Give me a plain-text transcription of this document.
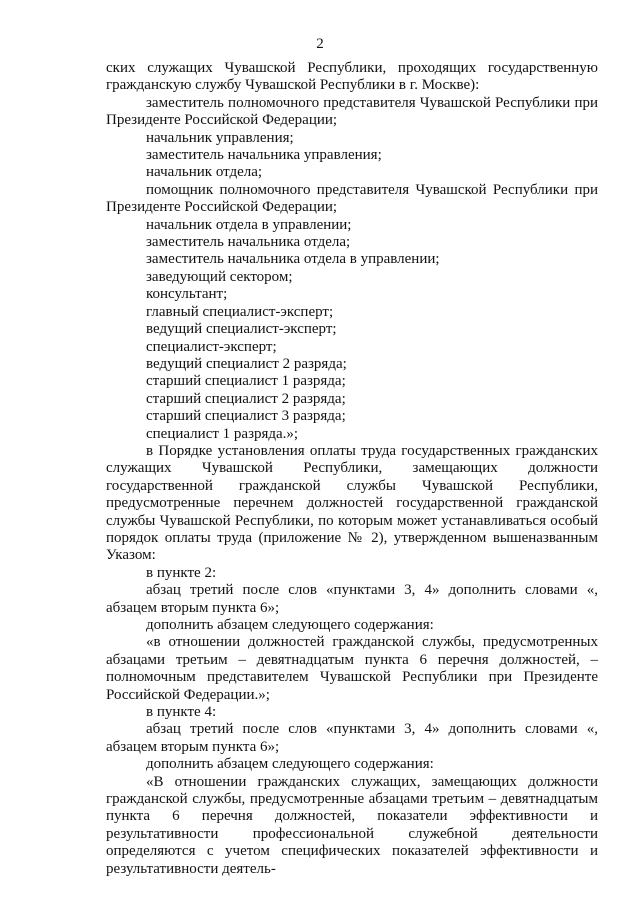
2

ских служащих Чувашской Республики, проходящих государственную гражданскую службу Чувашской Республики в г. Москве):

заместитель полномочного представителя Чувашской Республики при Президенте Российской Федерации;

начальник управления;

заместитель начальника управления;

начальник отдела;

помощник полномочного представителя Чувашской Республики при Президенте Российской Федерации;

начальник отдела в управлении;

заместитель начальника отдела;

заместитель начальника отдела в управлении;

заведующий сектором;

консультант;

главный специалист-эксперт;

ведущий специалист-эксперт;

специалист-эксперт;

ведущий специалист 2 разряда;

старший специалист 1 разряда;

старший специалист 2 разряда;

старший специалист 3 разряда;

специалист 1 разряда.»;

в Порядке установления оплаты труда государственных гражданских служащих Чувашской Республики, замещающих должности государственной гражданской службы Чувашской Республики, предусмотренные перечнем должностей государственной гражданской службы Чувашской Республики, по которым может устанавливаться особый порядок оплаты труда (приложение № 2), утвержденном вышеназванным Указом:

в пункте 2:

абзац третий после слов «пунктами 3, 4» дополнить словами «, абзацем вторым пункта 6»;

дополнить абзацем следующего содержания:

«в отношении должностей гражданской службы, предусмотренных абзацами третьим – девятнадцатым пункта 6 перечня должностей, – полномочным представителем Чувашской Республики при Президенте Российской Федерации.»;

в пункте 4:

абзац третий после слов «пунктами 3, 4» дополнить словами «, абзацем вторым пункта 6»;

дополнить абзацем следующего содержания:

«В отношении гражданских служащих, замещающих должности гражданской службы, предусмотренные абзацами третьим – девятнадцатым пункта 6 перечня должностей, показатели эффективности и результативности профессиональной служебной деятельности определяются с учетом специфических показателей эффективности и результативности деятель-
